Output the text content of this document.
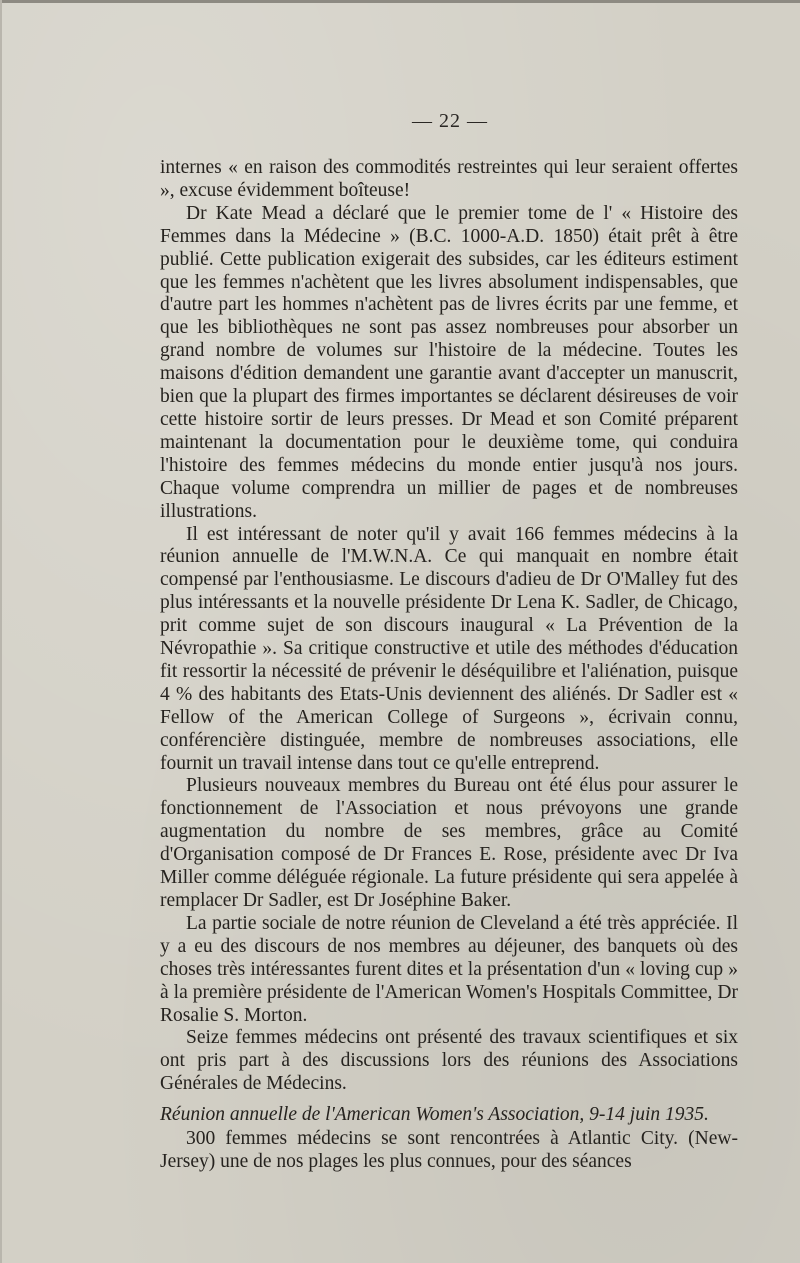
— 22 —

internes « en raison des commodités restreintes qui leur seraient offertes », excuse évidemment boîteuse!

Dr Kate Mead a déclaré que le premier tome de l' « Histoire des Femmes dans la Médecine » (B.C. 1000-A.D. 1850) était prêt à être publié. Cette publication exigerait des subsides, car les éditeurs estiment que les femmes n'achètent que les livres absolument indispensables, que d'autre part les hommes n'achètent pas de livres écrits par une femme, et que les bibliothèques ne sont pas assez nombreuses pour absorber un grand nombre de volumes sur l'histoire de la médecine. Toutes les maisons d'édition demandent une garantie avant d'accepter un manuscrit, bien que la plupart des firmes importantes se déclarent désireuses de voir cette histoire sortir de leurs presses. Dr Mead et son Comité préparent maintenant la documentation pour le deuxième tome, qui conduira l'histoire des femmes médecins du monde entier jusqu'à nos jours. Chaque volume comprendra un millier de pages et de nombreuses illustrations.

Il est intéressant de noter qu'il y avait 166 femmes médecins à la réunion annuelle de l'M.W.N.A. Ce qui manquait en nombre était compensé par l'enthousiasme. Le discours d'adieu de Dr O'Malley fut des plus intéressants et la nouvelle présidente Dr Lena K. Sadler, de Chicago, prit comme sujet de son discours inaugural « La Prévention de la Névropathie ». Sa critique constructive et utile des méthodes d'éducation fit ressortir la nécessité de prévenir le déséquilibre et l'aliénation, puisque 4 % des habitants des Etats-Unis deviennent des aliénés. Dr Sadler est « Fellow of the American College of Surgeons », écrivain connu, conférencière distinguée, membre de nombreuses associations, elle fournit un travail intense dans tout ce qu'elle entreprend.

Plusieurs nouveaux membres du Bureau ont été élus pour assurer le fonctionnement de l'Association et nous prévoyons une grande augmentation du nombre de ses membres, grâce au Comité d'Organisation composé de Dr Frances E. Rose, présidente avec Dr Iva Miller comme déléguée régionale. La future présidente qui sera appelée à remplacer Dr Sadler, est Dr Joséphine Baker.

La partie sociale de notre réunion de Cleveland a été très appréciée. Il y a eu des discours de nos membres au déjeuner, des banquets où des choses très intéressantes furent dites et la présentation d'un « loving cup » à la première présidente de l'American Women's Hospitals Committee, Dr Rosalie S. Morton.

Seize femmes médecins ont présenté des travaux scientifiques et six ont pris part à des discussions lors des réunions des Associations Générales de Médecins.

Réunion annuelle de l'American Women's Association, 9-14 juin 1935.

300 femmes médecins se sont rencontrées à Atlantic City. (New-Jersey) une de nos plages les plus connues, pour des séances
